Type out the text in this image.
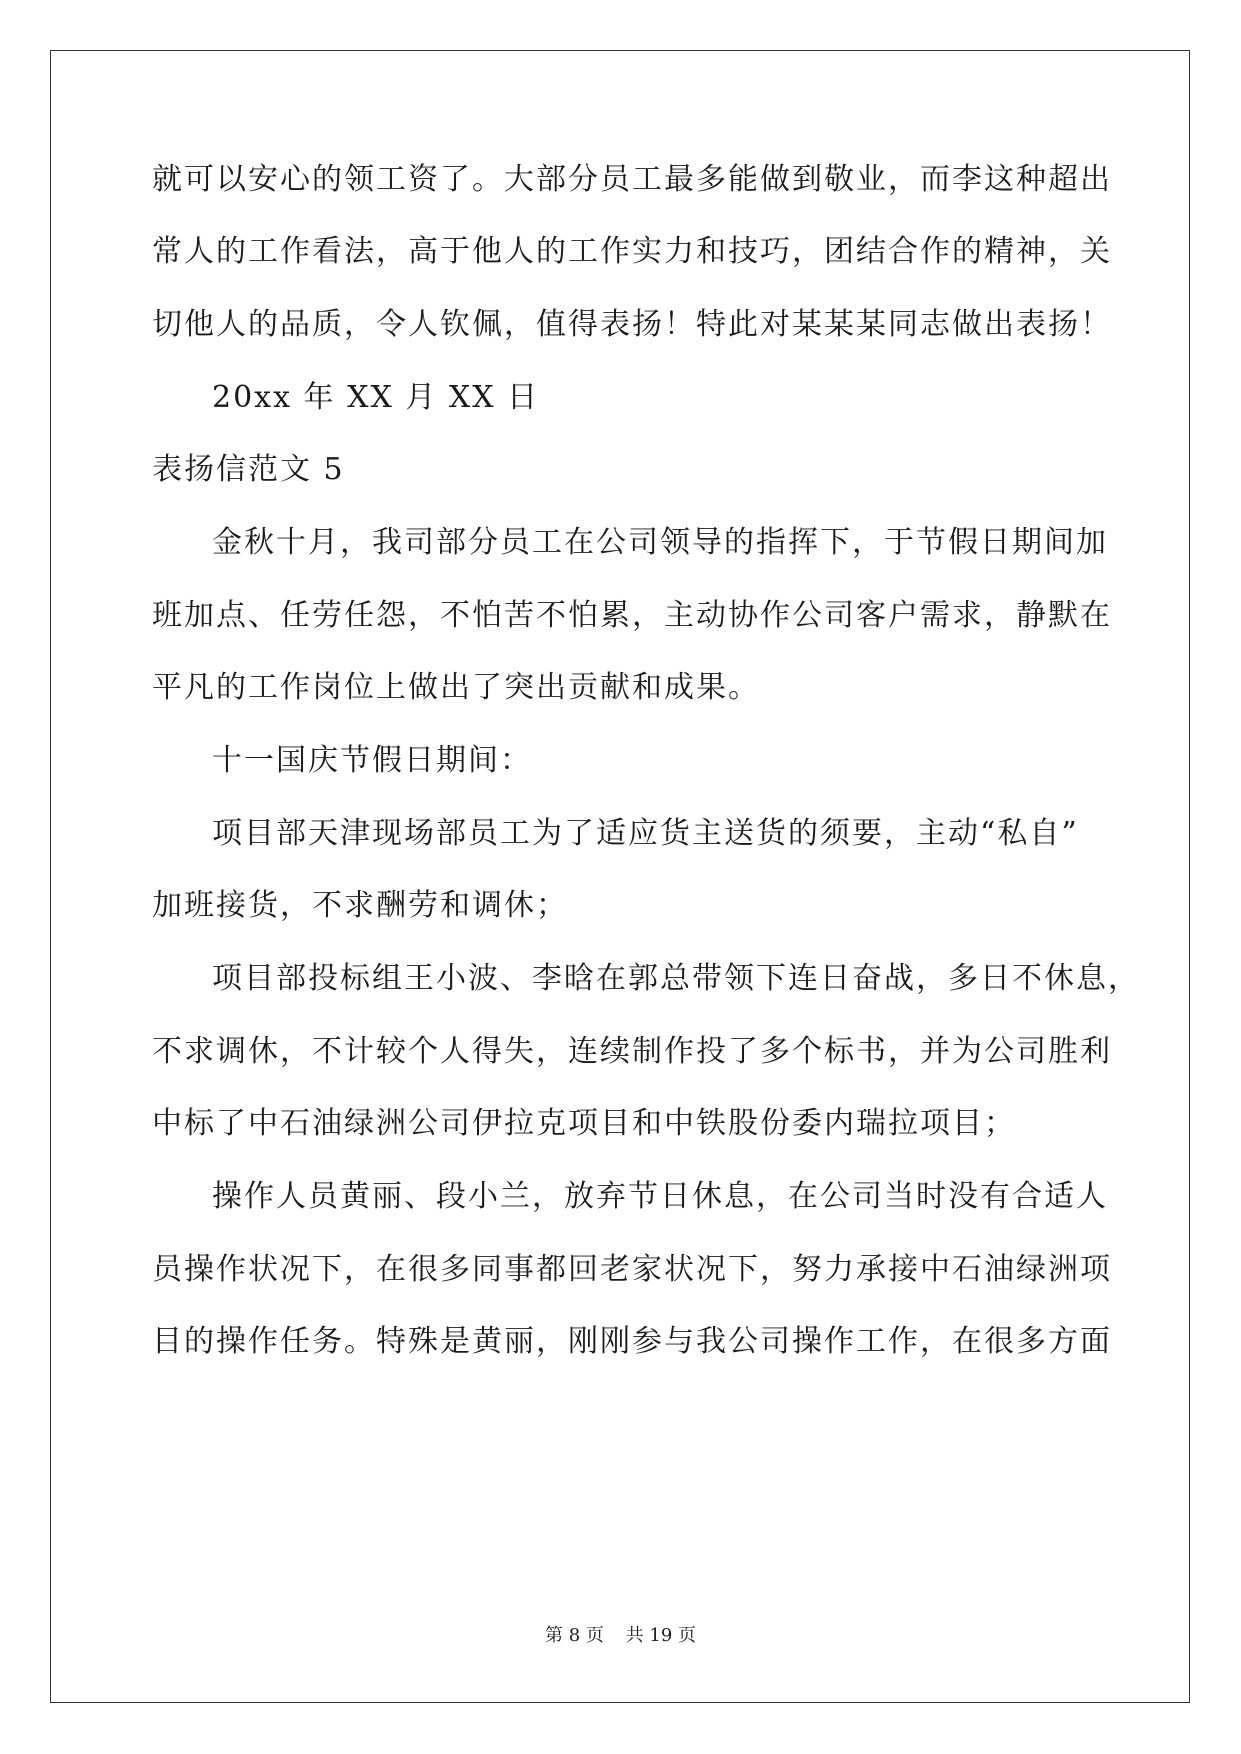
就可以安心的领工资了。大部分员工最多能做到敬业，而李这种超出
常人的工作看法，高于他人的工作实力和技巧，团结合作的精神，关
切他人的品质，令人钦佩，值得表扬！特此对某某某同志做出表扬！
20xx 年 XX 月 XX 日
表扬信范文 5
金秋十月，我司部分员工在公司领导的指挥下，于节假日期间加
班加点、任劳任怨，不怕苦不怕累，主动协作公司客户需求，静默在
平凡的工作岗位上做出了突出贡献和成果。
十一国庆节假日期间：
项目部天津现场部员工为了适应货主送货的须要，主动“私自”
加班接货，不求酬劳和调休；
项目部投标组王小波、李晗在郭总带领下连日奋战，多日不休息，
不求调休，不计较个人得失，连续制作投了多个标书，并为公司胜利
中标了中石油绿洲公司伊拉克项目和中铁股份委内瑞拉项目；
操作人员黄丽、段小兰，放弃节日休息，在公司当时没有合适人
员操作状况下，在很多同事都回老家状况下，努力承接中石油绿洲项
目的操作任务。特殊是黄丽，刚刚参与我公司操作工作，在很多方面
第 8 页 共 19 页
